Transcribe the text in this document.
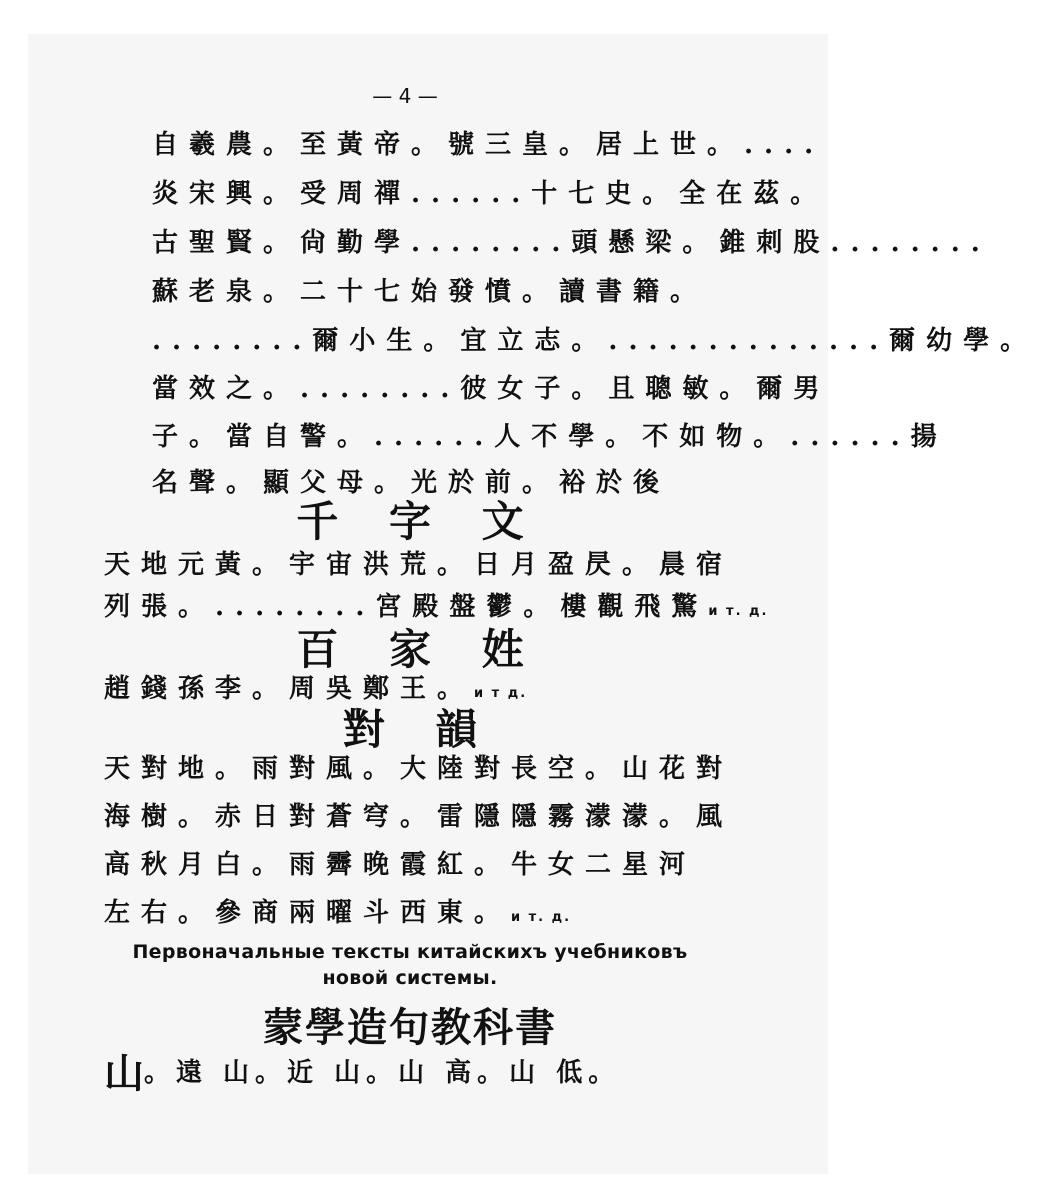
— 4 —
自羲農。至黃帝。號三皇。居上世。....
炎宋興。受周禪......十七史。全在茲。
古聖賢。尙勤學........頭懸梁。錐刺股........
蘇老泉。二十七始發憤。讀書籍。
........爾小生。宜立志。..............爾幼學。
當效之。........彼女子。且聰敏。爾男
子。當自警。......人不學。不如物。......揚
名聲。顯父母。光於前。裕於後
千 字 文
天地元黃。宇宙洪荒。日月盈昃。晨宿
列張。........宮殿盤鬱。樓觀飛驚и т. д.
百 家 姓
趙錢孫李。周吳鄭王。и т д.
對 韻
天對地。雨對風。大陸對長空。山花對
海樹。赤日對蒼穹。雷隱隱霧濛濛。風
高秋月白。雨霽晚霞紅。牛女二星河
左右。參商兩曜斗西東。и т. д.
Первоначальные тексты китайскихъ учебниковъ
новой системы.
蒙學造句教科書
山。遠 山。近 山。山 高。山 低。
